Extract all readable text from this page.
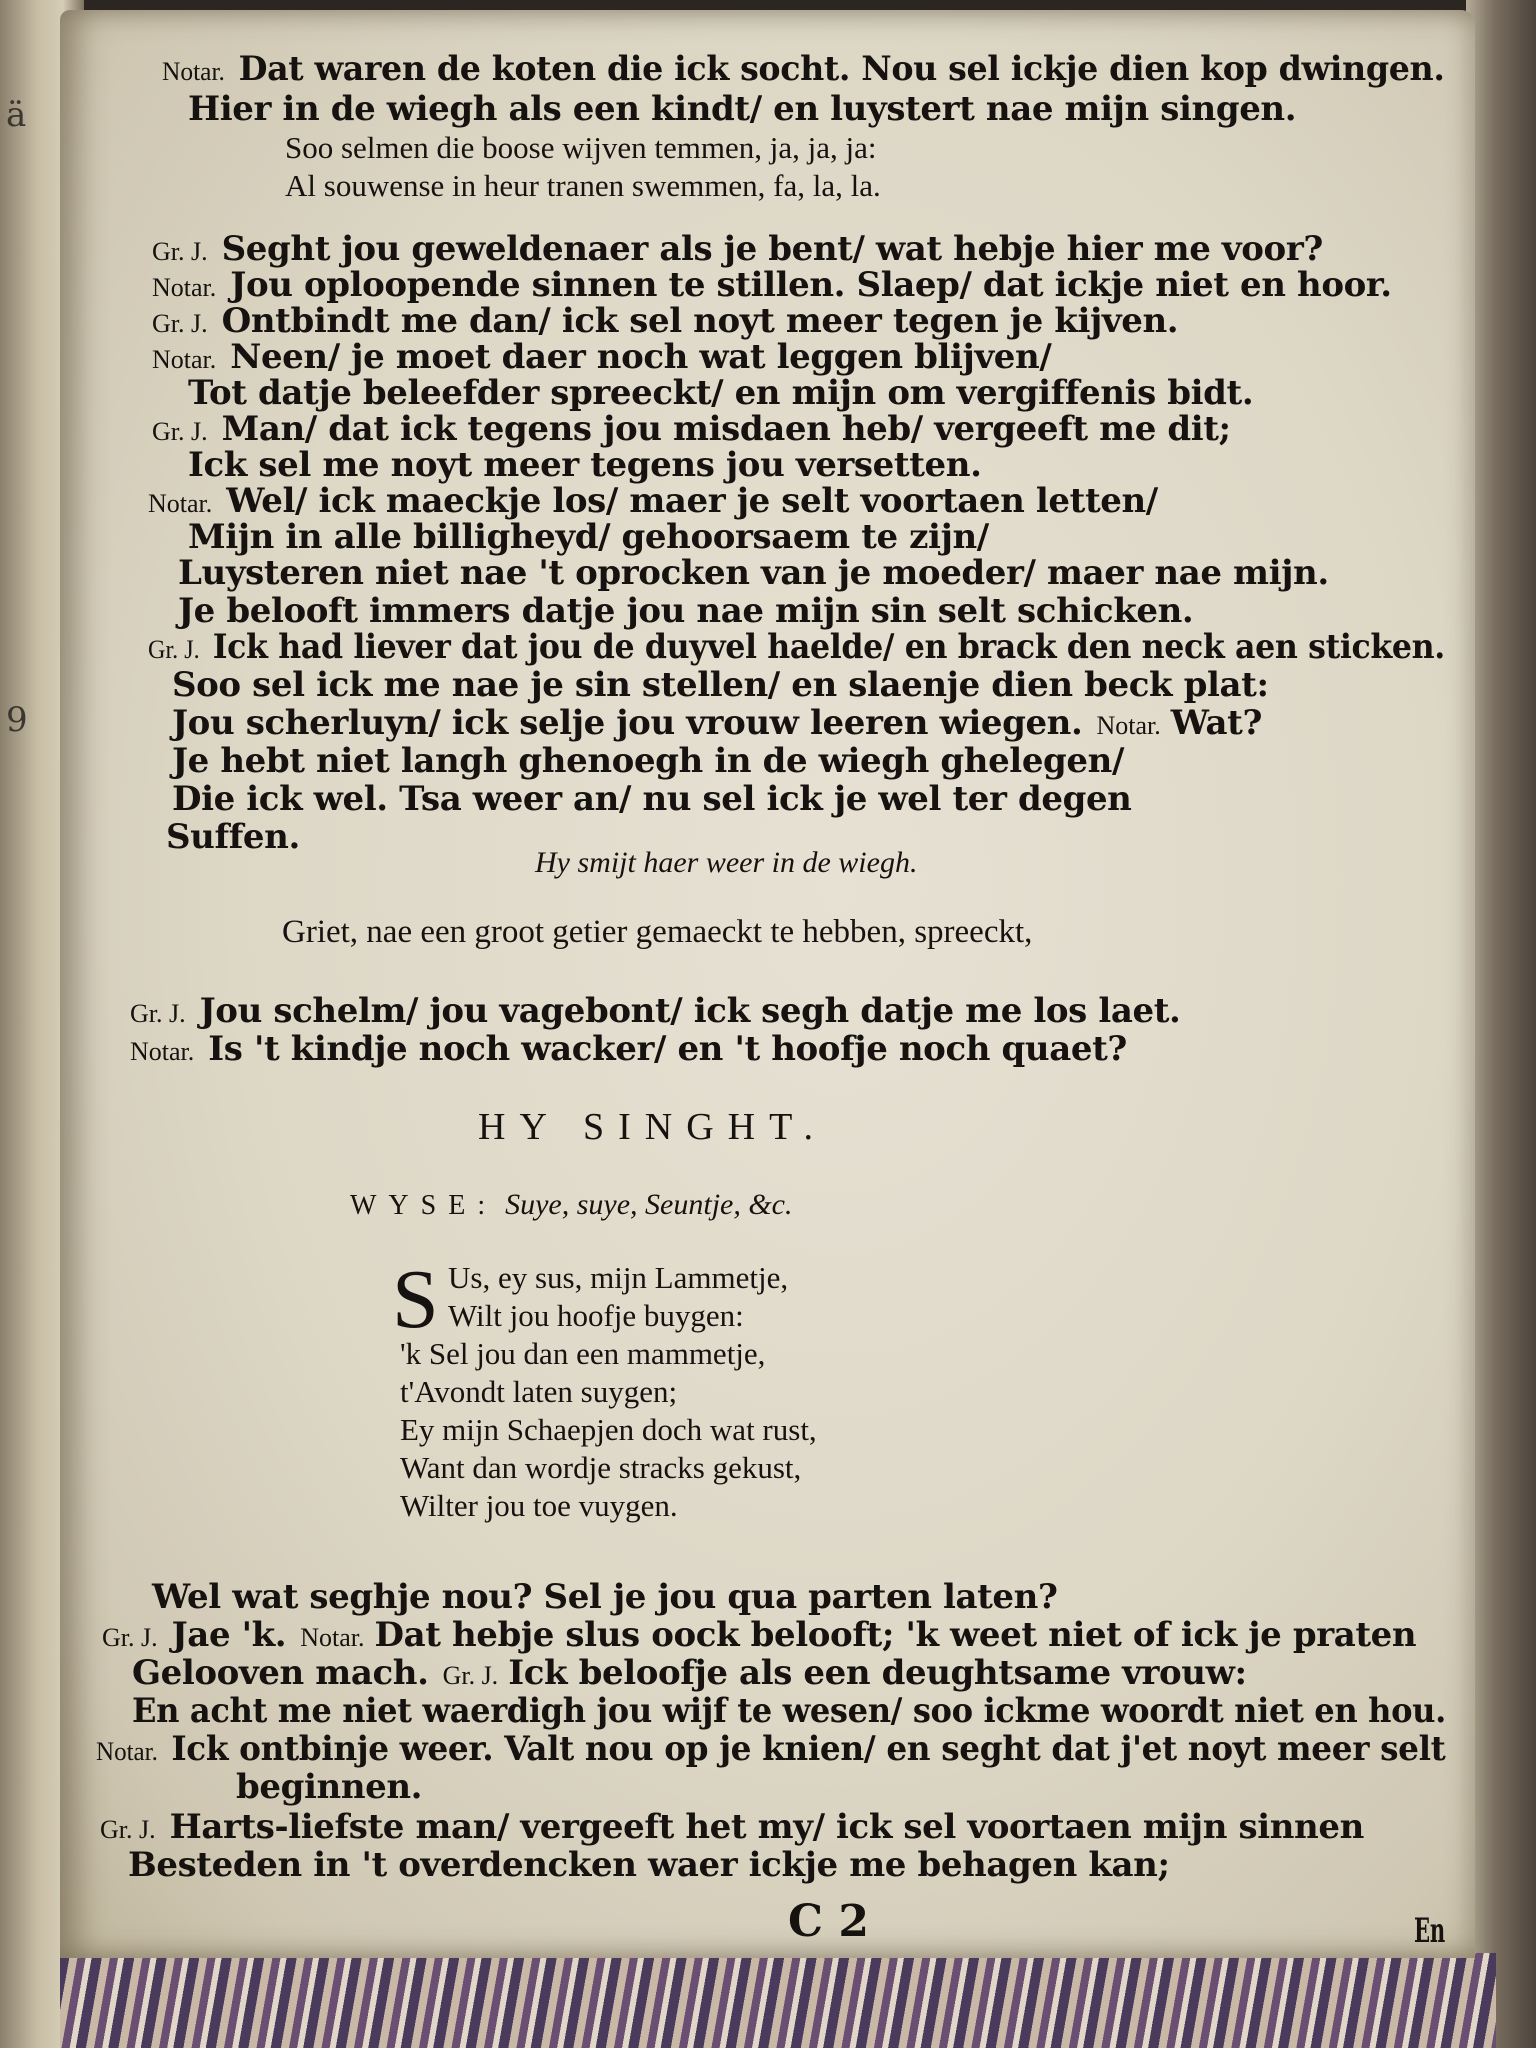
ä
9
Notar. Dat waren de koten die ick socht. Nou sel ickje dien kop dwingen.
Hier in de wiegh als een kindt/ en luystert nae mijn singen.
Soo selmen die boose wijven temmen, ja, ja, ja:
Al souwense in heur tranen swemmen, fa, la, la.
Gr. J. Seght jou geweldenaer als je bent/ wat hebje hier me voor?
Notar. Jou oploopende sinnen te stillen. Slaep/ dat ickje niet en hoor.
Gr. J. Ontbindt me dan/ ick sel noyt meer tegen je kijven.
Notar. Neen/ je moet daer noch wat leggen blijven/
Tot datje beleefder spreeckt/ en mijn om vergiffenis bidt.
Gr. J. Man/ dat ick tegens jou misdaen heb/ vergeeft me dit;
Ick sel me noyt meer tegens jou versetten.
Notar. Wel/ ick maeckje los/ maer je selt voortaen letten/
Mijn in alle billigheyd/ gehoorsaem te zijn/
Luysteren niet nae 't oprocken van je moeder/ maer nae mijn.
Je belooft immers datje jou nae mijn sin selt schicken.
Gr. J. Ick had liever dat jou de duyvel haelde/ en brack den neck aen sticken.
Soo sel ick me nae je sin stellen/ en slaenje dien beck plat:
Jou scherluyn/ ick selje jou vrouw leeren wiegen. Notar. Wat?
Je hebt niet langh ghenoegh in de wiegh ghelegen/
Die ick wel. Tsa weer an/ nu sel ick je wel ter degen
Suffen.
Hy smijt haer weer in de wiegh.
Griet, nae een groot getier gemaeckt te hebben, spreeckt,
Gr. J. Jou schelm/ jou vagebont/ ick segh datje me los laet.
Notar. Is 't kindje noch wacker/ en 't hoofje noch quaet?
HY SINGHT.
WYSE: Suye, suye, Seuntje, &c.
S Us, ey sus, mijn Lammetje,
Wilt jou hoofje buygen:
'k Sel jou dan een mammetje,
t'Avondt laten suygen;
Ey mijn Schaepjen doch wat rust,
Want dan wordje stracks gekust,
Wilter jou toe vuygen.
Wel wat seghje nou? Sel je jou qua parten laten?
Gr. J. Jae 'k. Notar. Dat hebje slus oock belooft; 'k weet niet of ick je praten
Gelooven mach. Gr. J. Ick beloofje als een deughtsame vrouw:
En acht me niet waerdigh jou wijf te wesen/ soo ickme woordt niet en hou.
Notar. Ick ontbinje weer. Valt nou op je knien/ en seght dat j'et noyt meer selt
beginnen.
Gr. J. Harts-liefste man/ vergeeft het my/ ick sel voortaen mijn sinnen
Besteden in 't overdencken waer ickje me behagen kan;
C 2	En
